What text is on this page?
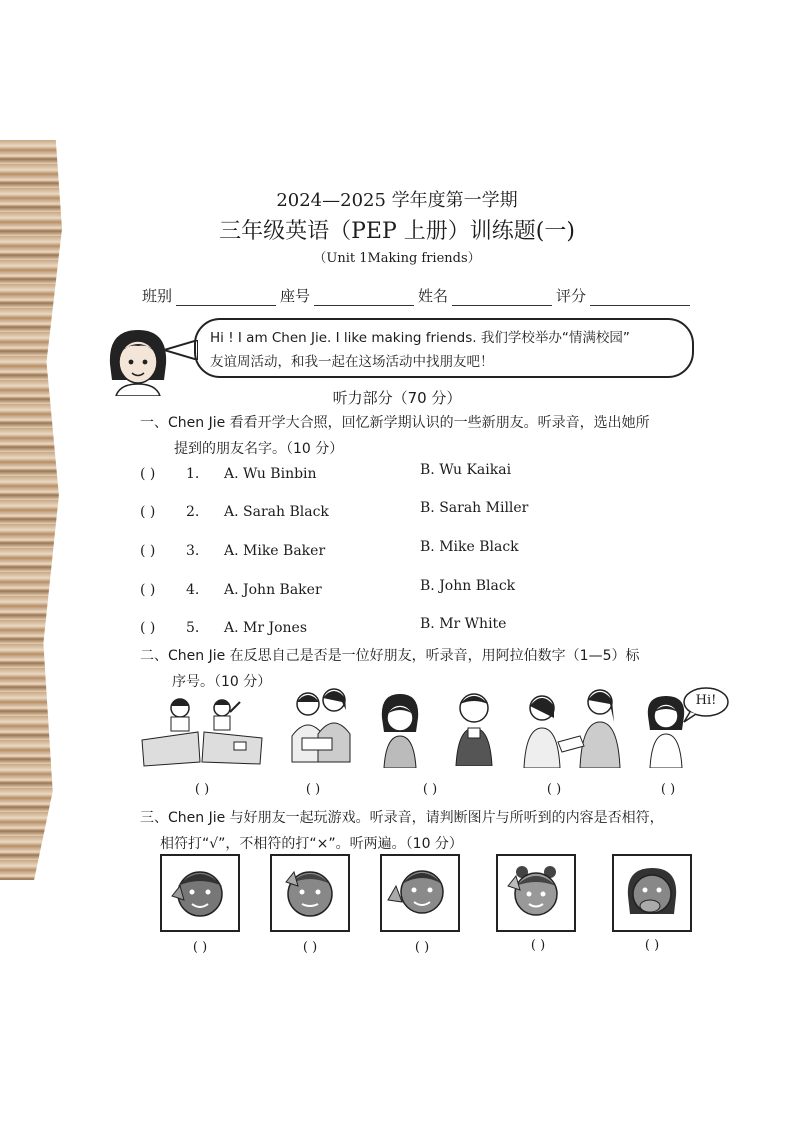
2024—2025 学年度第一学期
三年级英语（PEP 上册）训练题(一)
（Unit 1Making friends）
班别	座号	姓名	评分
Hi ! I am Chen Jie. I like making friends. 我们学校举办“情满校园”
友谊周活动，和我一起在这场活动中找朋友吧！
听力部分（70 分）
一、Chen Jie 看看开学大合照，回忆新学期认识的一些新朋友。听录音，选出她所
提到的朋友名字。（10 分）
( ) 1. A. Wu Binbin	B. Wu Kaikai
( ) 2. A. Sarah Black	B. Sarah Miller
( ) 3. A. Mike Baker	B. Mike Black
( ) 4. A. John Baker	B. John Black
( ) 5. A. Mr Jones	B. Mr White
二、Chen Jie 在反思自己是否是一位好朋友，听录音，用阿拉伯数字（1—5）标
序号。（10 分）
Hi!
( )	( )	( )	( )	( )
三、Chen Jie 与好朋友一起玩游戏。听录音，请判断图片与所听到的内容是否相符，
相符打“√”，不相符的打“×”。听两遍。（10 分）
( )	( )	( )	( )	( )
